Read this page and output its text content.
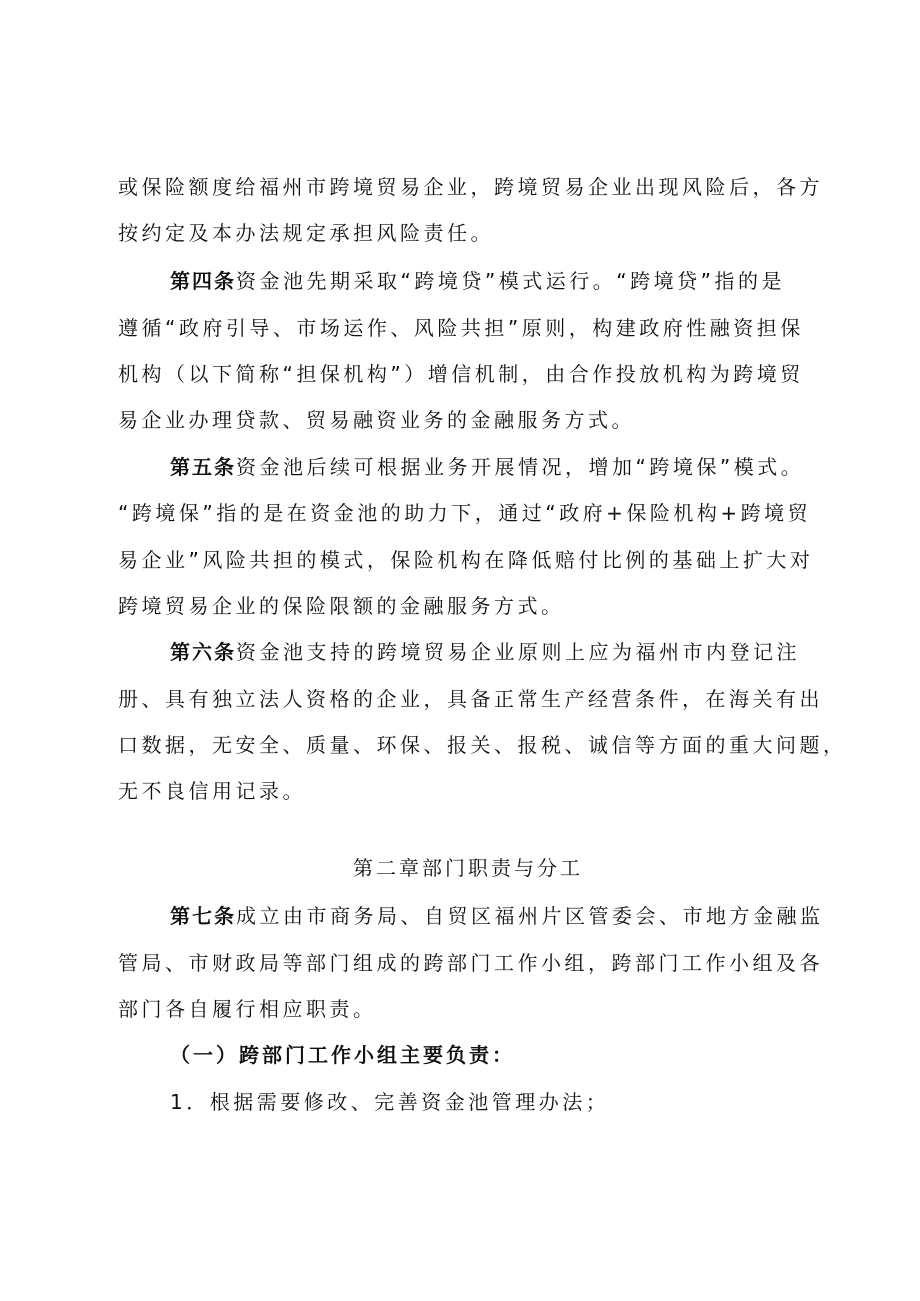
或保险额度给福州市跨境贸易企业，跨境贸易企业出现风险后，各方
按约定及本办法规定承担风险责任。
第四条资金池先期采取“跨境贷”模式运行。“跨境贷”指的是
遵循“政府引导、市场运作、风险共担”原则，构建政府性融资担保
机构（以下简称“担保机构”）增信机制，由合作投放机构为跨境贸
易企业办理贷款、贸易融资业务的金融服务方式。
第五条资金池后续可根据业务开展情况，增加“跨境保”模式。
“跨境保”指的是在资金池的助力下，通过“政府+保险机构+跨境贸
易企业”风险共担的模式，保险机构在降低赔付比例的基础上扩大对
跨境贸易企业的保险限额的金融服务方式。
第六条资金池支持的跨境贸易企业原则上应为福州市内登记注
册、具有独立法人资格的企业，具备正常生产经营条件，在海关有出
口数据，无安全、质量、环保、报关、报税、诚信等方面的重大问题，
无不良信用记录。
第二章部门职责与分工
第七条成立由市商务局、自贸区福州片区管委会、市地方金融监
管局、市财政局等部门组成的跨部门工作小组，跨部门工作小组及各
部门各自履行相应职责。
（一）跨部门工作小组主要负责：
1．根据需要修改、完善资金池管理办法；
